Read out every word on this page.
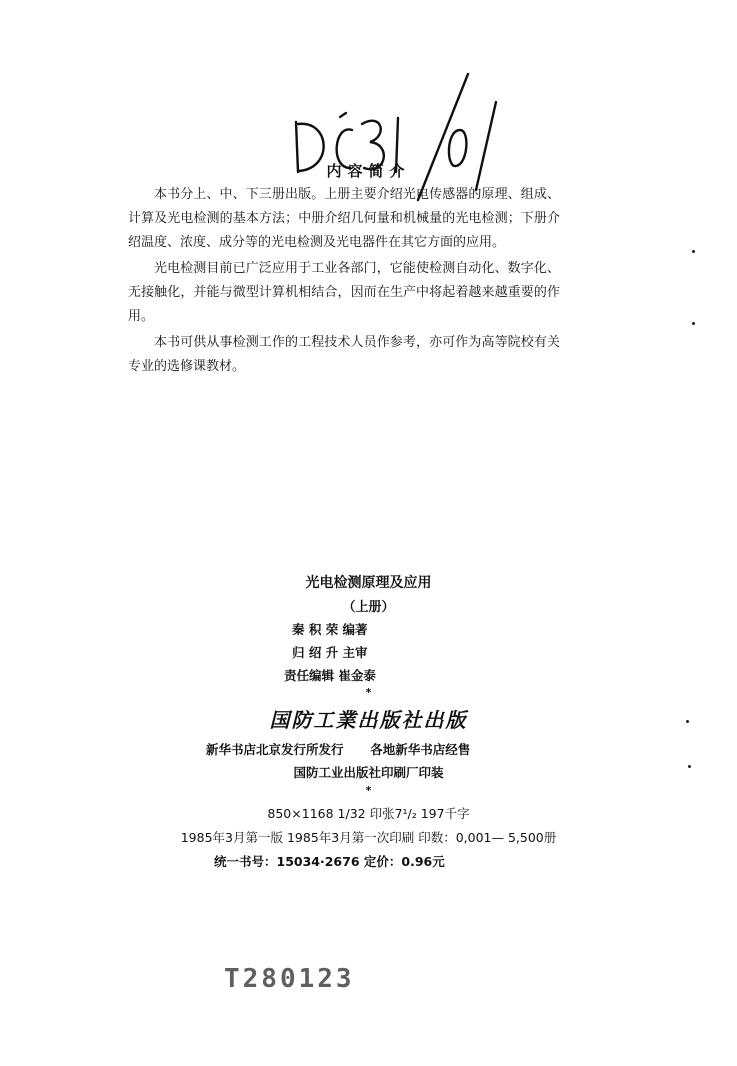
内容简介

本书分上、中、下三册出版。上册主要介绍光电传感器的原理、组成、计算及光电检测的基本方法；中册介绍几何量和机械量的光电检测；下册介绍温度、浓度、成分等的光电检测及光电器件在其它方面的应用。

光电检测目前已广泛应用于工业各部门，它能使检测自动化、数字化、无接触化，并能与微型计算机相结合，因而在生产中将起着越来越重要的作用。

本书可供从事检测工作的工程技术人员作参考，亦可作为高等院校有关专业的选修课教材。

光电检测原理及应用
（上册）
秦 积 荣 编著
归 绍 升 主审
责任编辑 崔金泰
*
国防工業出版社出版
新华书店北京发行所发行 各地新华书店经售
国防工业出版社印刷厂印装
*
850×1168 1/32 印张7¹/₂ 197千字
1985年3月第一版 1985年3月第一次印刷 印数：0,001— 5,500册
统一书号：15034·2676 定价：0.96元
T280123
